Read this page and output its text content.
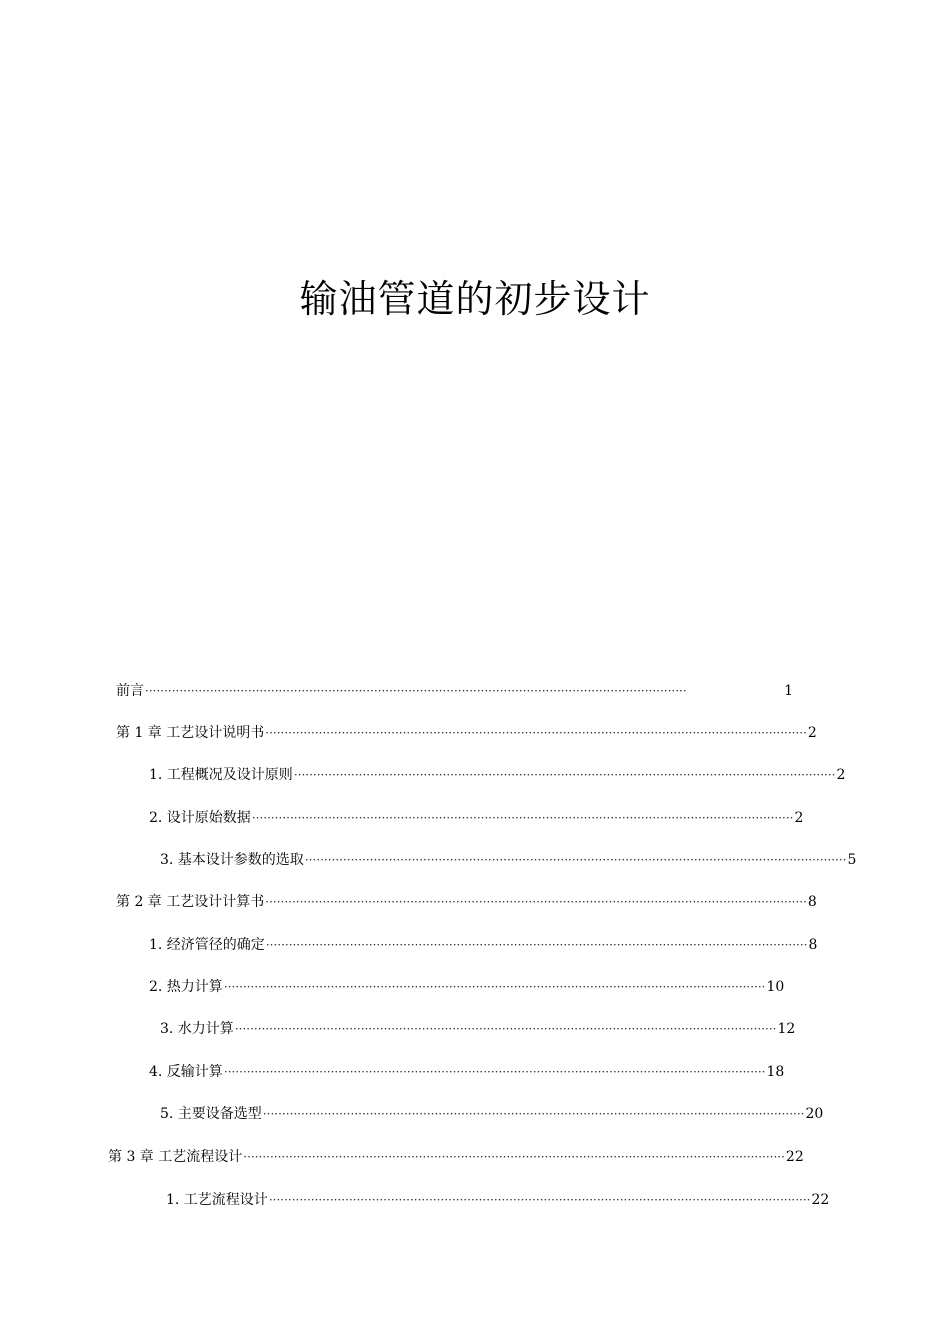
输油管道的初步设计
前言 ··············································································································································	1
第 1 章 工艺设计说明书 ·············································································································································· 2
1. 工程概况及设计原则 ·············································································································································· 2
2. 设计原始数据 ·············································································································································· 2
3. 基本设计参数的选取 ·············································································································································· 5
第 2 章 工艺设计计算书 ·············································································································································· 8
1. 经济管径的确定 ·············································································································································· 8
2. 热力计算 ·············································································································································· 10
3. 水力计算 ·············································································································································· 12
4. 反输计算 ·············································································································································· 18
5. 主要设备选型 ·············································································································································· 20
第 3 章 工艺流程设计 ·············································································································································· 22
1. 工艺流程设计 ·············································································································································· 22
